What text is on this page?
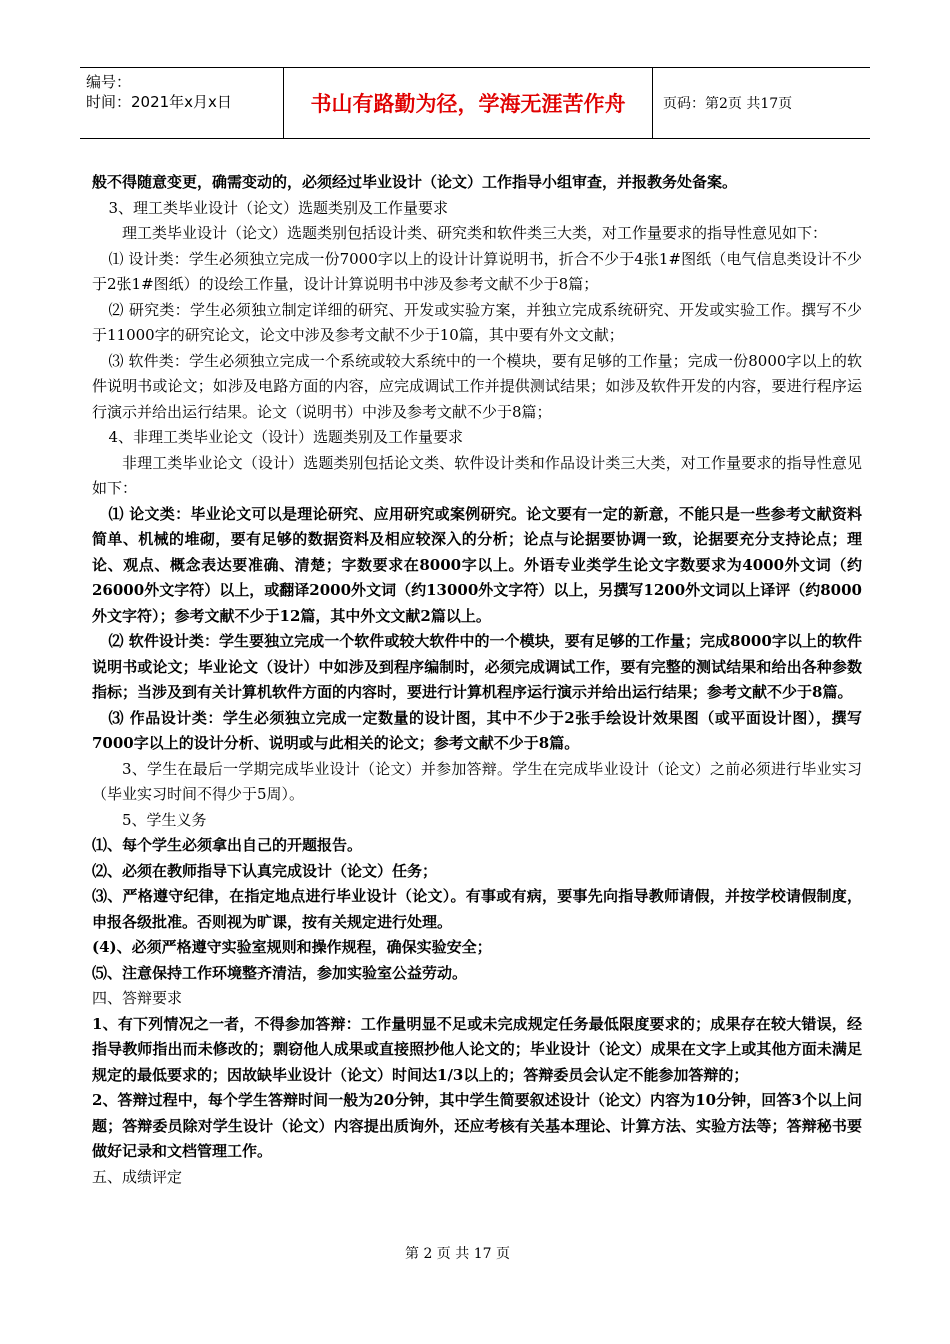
编号：
时间：2021年x月x日	书山有路勤为径，学海无涯苦作舟	页码：第2页 共17页

般不得随意变更，确需变动的，必须经过毕业设计（论文）工作指导小组审查，并报教务处备案。

3、理工类毕业设计（论文）选题类别及工作量要求

理工类毕业设计（论文）选题类别包括设计类、研究类和软件类三大类，对工作量要求的指导性意见如下：

⑴ 设计类：学生必须独立完成一份7000字以上的设计计算说明书，折合不少于4张1#图纸（电气信息类设计不少于2张1#图纸）的设绘工作量，设计计算说明书中涉及参考文献不少于8篇；

⑵ 研究类：学生必须独立制定详细的研究、开发或实验方案，并独立完成系统研究、开发或实验工作。撰写不少于11000字的研究论文，论文中涉及参考文献不少于10篇，其中要有外文文献；

⑶ 软件类：学生必须独立完成一个系统或较大系统中的一个模块，要有足够的工作量；完成一份8000字以上的软件说明书或论文；如涉及电路方面的内容，应完成调试工作并提供测试结果；如涉及软件开发的内容，要进行程序运行演示并给出运行结果。论文（说明书）中涉及参考文献不少于8篇；

4、非理工类毕业论文（设计）选题类别及工作量要求

非理工类毕业论文（设计）选题类别包括论文类、软件设计类和作品设计类三大类，对工作量要求的指导性意见如下：

⑴ 论文类：毕业论文可以是理论研究、应用研究或案例研究。论文要有一定的新意，不能只是一些参考文献资料简单、机械的堆砌，要有足够的数据资料及相应较深入的分析；论点与论据要协调一致，论据要充分支持论点；理论、观点、概念表达要准确、清楚；字数要求在8000字以上。外语专业类学生论文字数要求为4000外文词（约26000外文字符）以上，或翻译2000外文词（约13000外文字符）以上，另撰写1200外文词以上译评（约8000外文字符）；参考文献不少于12篇，其中外文文献2篇以上。

⑵ 软件设计类：学生要独立完成一个软件或较大软件中的一个模块，要有足够的工作量；完成8000字以上的软件说明书或论文；毕业论文（设计）中如涉及到程序编制时，必须完成调试工作，要有完整的测试结果和给出各种参数指标；当涉及到有关计算机软件方面的内容时，要进行计算机程序运行演示并给出运行结果；参考文献不少于8篇。

⑶ 作品设计类：学生必须独立完成一定数量的设计图，其中不少于2张手绘设计效果图（或平面设计图），撰写7000字以上的设计分析、说明或与此相关的论文；参考文献不少于8篇。

3、学生在最后一学期完成毕业设计（论文）并参加答辩。学生在完成毕业设计（论文）之前必须进行毕业实习（毕业实习时间不得少于5周）。

5、学生义务

⑴、每个学生必须拿出自己的开题报告。

⑵、必须在教师指导下认真完成设计（论文）任务；

⑶、严格遵守纪律，在指定地点进行毕业设计（论文）。有事或有病，要事先向指导教师请假，并按学校请假制度，申报各级批准。否则视为旷课，按有关规定进行处理。

(4)、必须严格遵守实验室规则和操作规程，确保实验安全；

⑸、注意保持工作环境整齐清洁，参加实验室公益劳动。

四、答辩要求

1、有下列情况之一者，不得参加答辩：工作量明显不足或未完成规定任务最低限度要求的；成果存在较大错误，经指导教师指出而未修改的；剽窃他人成果或直接照抄他人论文的；毕业设计（论文）成果在文字上或其他方面未满足规定的最低要求的；因故缺毕业设计（论文）时间达1/3以上的；答辩委员会认定不能参加答辩的；

2、答辩过程中，每个学生答辩时间一般为20分钟，其中学生简要叙述设计（论文）内容为10分钟，回答3个以上问题；答辩委员除对学生设计（论文）内容提出质询外，还应考核有关基本理论、计算方法、实验方法等；答辩秘书要做好记录和文档管理工作。

五、成绩评定

第 2 页 共 17 页
